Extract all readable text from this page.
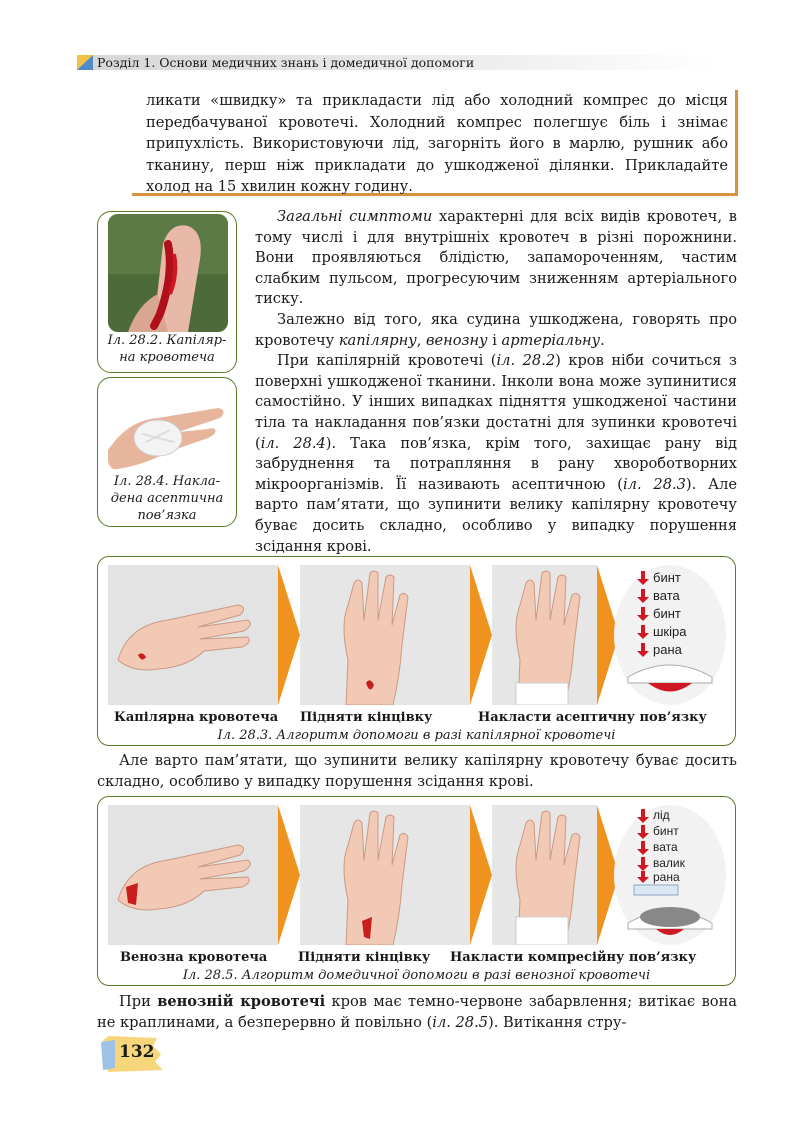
Розділ 1. Основи медичних знань і домедичної допомоги

ликати «швидку» та прикладасти лід або холодний компрес до місця передбачуваної кровотечі. Холодний компрес полегшує біль і знімає припухлість. Використовуючи лід, загорніть його в марлю, рушник або тканину, перш ніж прикладати до ушкодженої ділянки. Прикладайте холод на 15 хвилин кожну годину.

Іл. 28.2. Капіляр-
на кровотеча
Іл. 28.4. Накла-
дена асептична
пов’язка

Загальні симптоми характерні для всіх видів кровотеч, в тому числі і для внутрішніх кровотеч в різні порожнини. Вони проявляються блідістю, запамороченням, частим слабким пульсом, прогресуючим зниженням артеріального тиску.

Залежно від того, яка судина ушкоджена, говорять про кровотечу капілярну, венозну і артеріальну.

При капілярній кровотечі (іл. 28.2) кров ніби сочиться з поверхні ушкодженої тканини. Інколи вона може зупинитися самостійно. У інших випадках підняття ушкодженої частини тіла та накладання пов’язки достатні для зупинки кровотечі (іл. 28.4). Така пов’язка, крім того, захищає рану від забруднення та потрапляння в рану хвороботворних мікроорганізмів. Її називають асептичною (іл. 28.3). Але варто пам’ятати, що зупинити велику капілярну кровотечу буває досить складно, особливо у випадку порушення зсідання крові.

бинт
вата
бинт
шкіра
рана
Капілярна кровотеча Підняти кінцівку	Накласти асептичну пов’язку
Іл. 28.3. Алгоритм допомоги в разі капілярної кровотечі

Але варто пам’ятати, що зупинити велику капілярну кровотечу буває досить складно, особливо у випадку порушення зсідання крові.

лід
бинт
вата
валик
рана
Венозна кровотеча Підняти кінцівку Накласти компресійну пов’язку
Іл. 28.5. Алгоритм домедичної допомоги в разі венозної кровотечі

При венозній кровотечі кров має темно-червоне забарвлення; витікає вона не краплинами, а безперервно й повільно (іл. 28.5). Витікання стру-

132
